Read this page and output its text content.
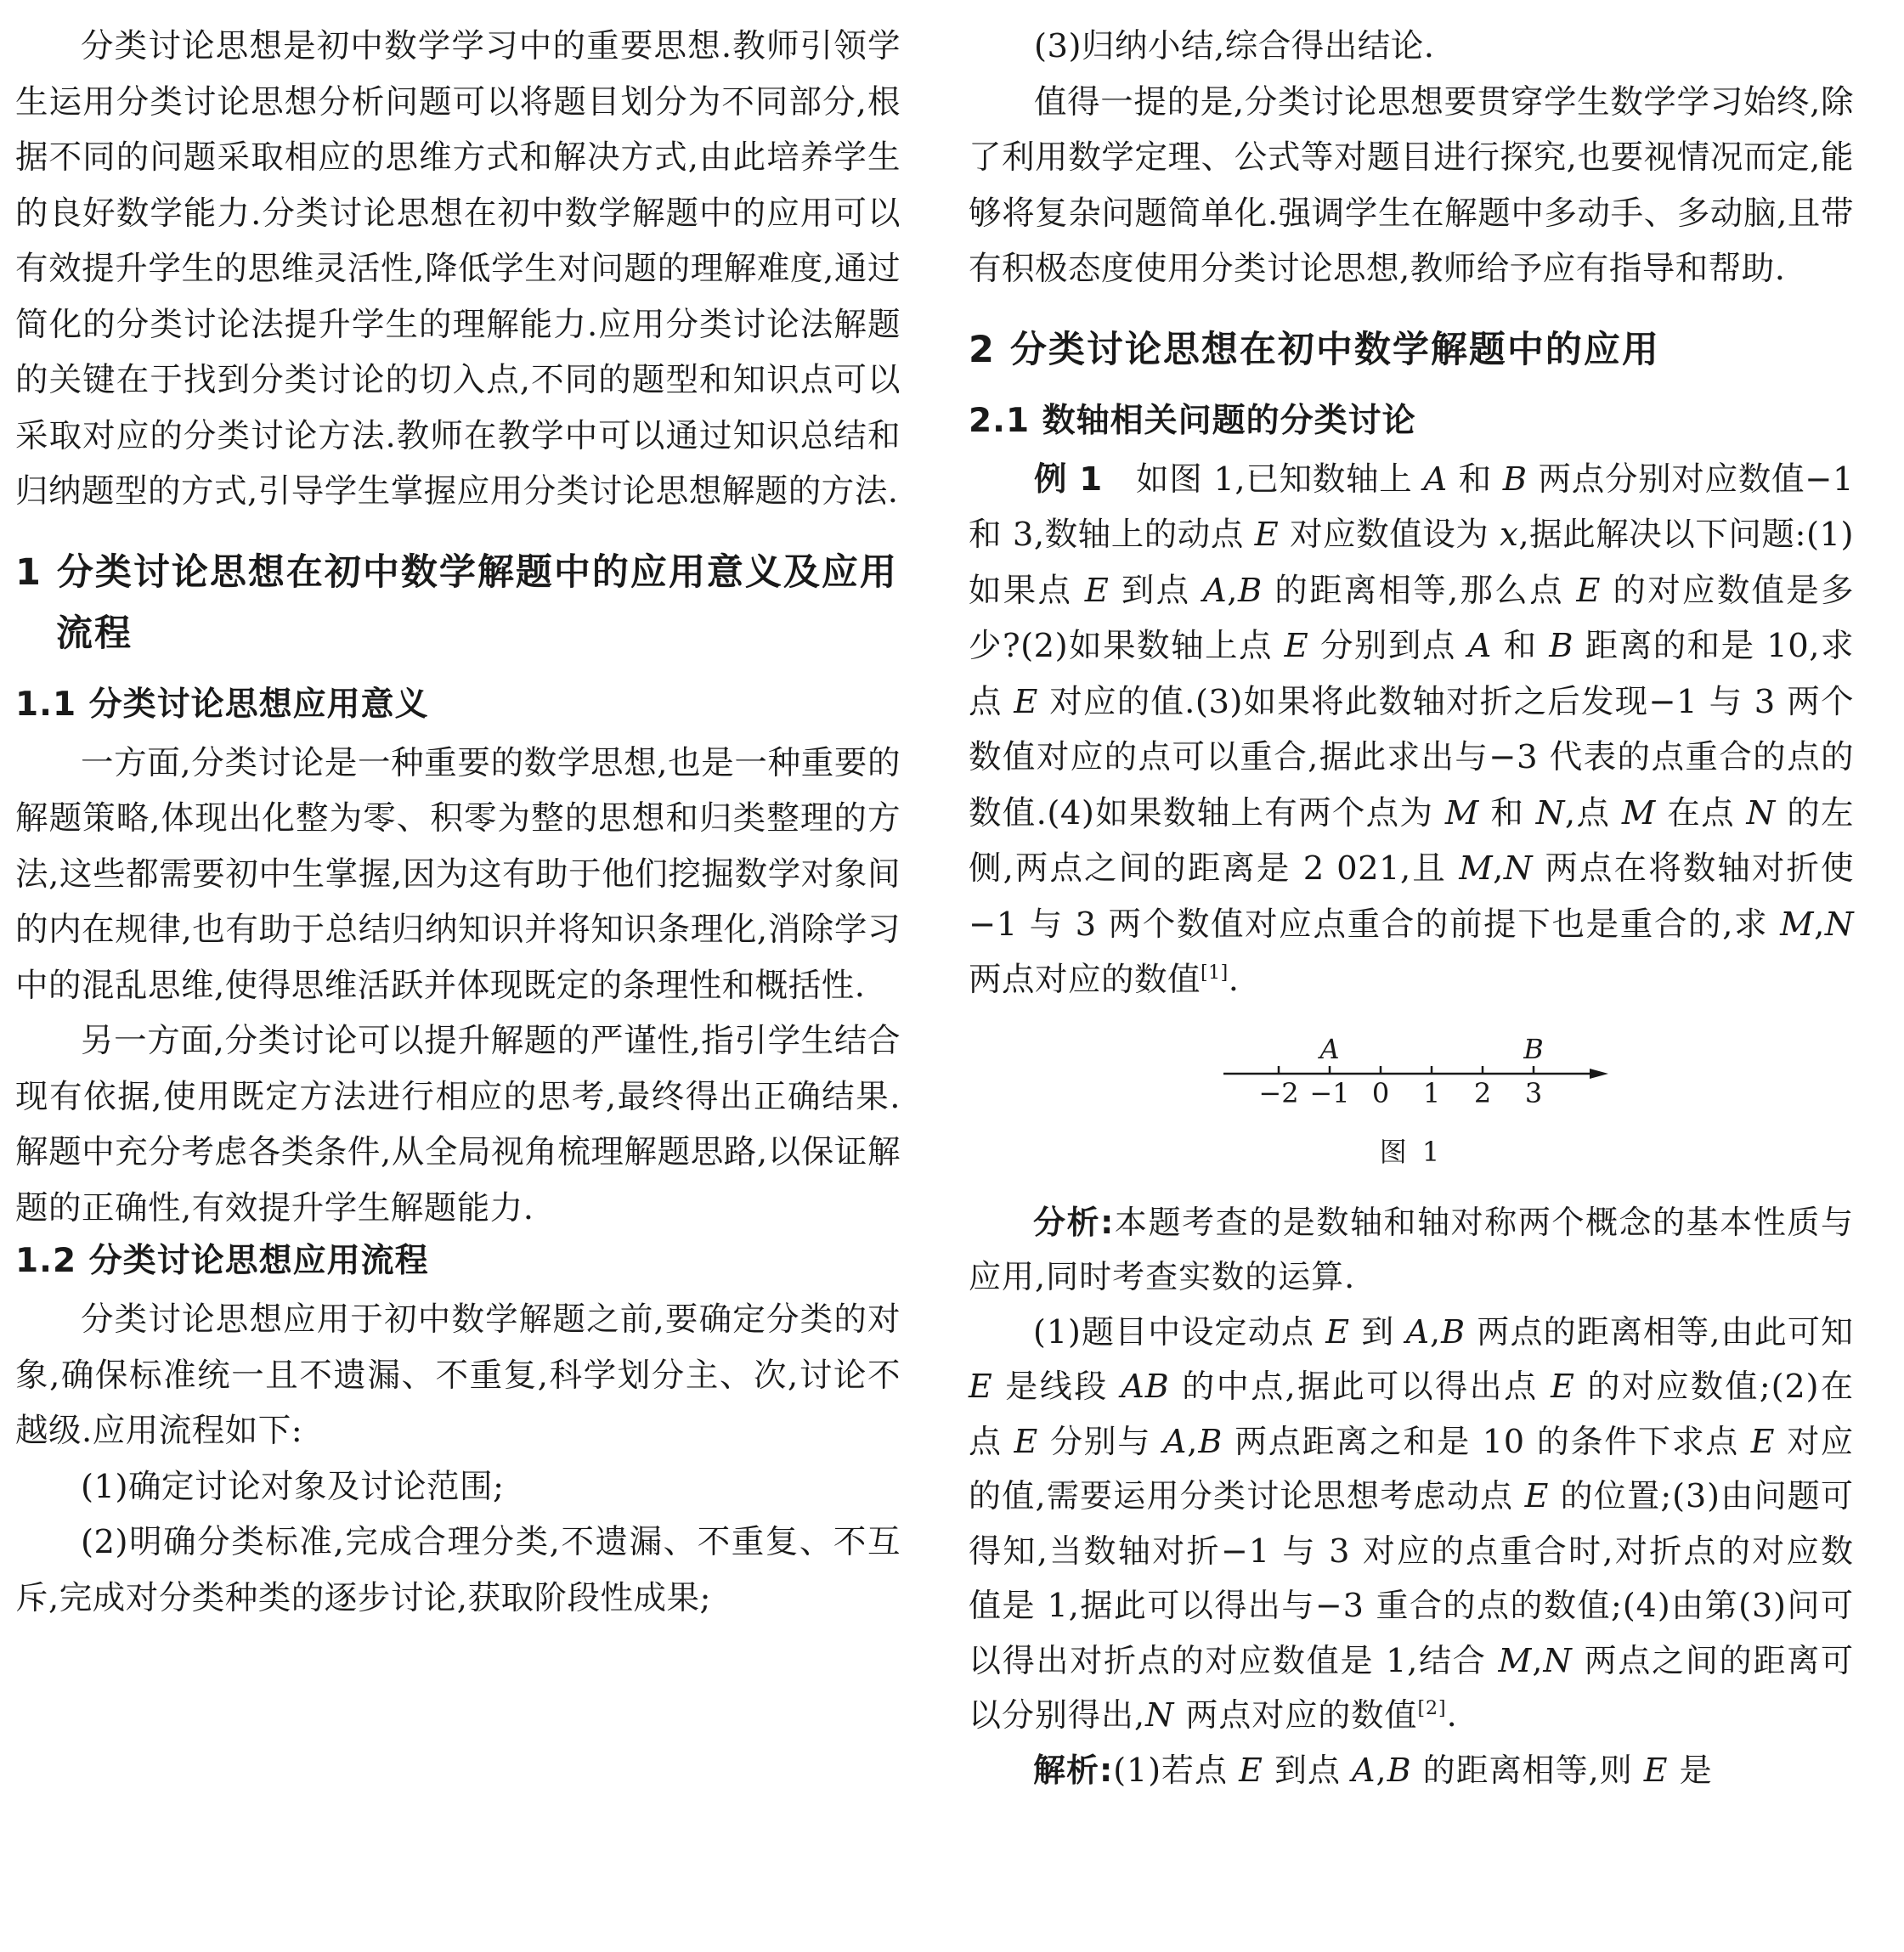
分类讨论思想是初中数学学习中的重要思想.教师引领学生运用分类讨论思想分析问题可以将题目划分为不同部分,根据不同的问题采取相应的思维方式和解决方式,由此培养学生的良好数学能力.分类讨论思想在初中数学解题中的应用可以有效提升学生的思维灵活性,降低学生对问题的理解难度,通过简化的分类讨论法提升学生的理解能力.应用分类讨论法解题的关键在于找到分类讨论的切入点,不同的题型和知识点可以采取对应的分类讨论方法.教师在教学中可以通过知识总结和归纳题型的方式,引导学生掌握应用分类讨论思想解题的方法.

1 分类讨论思想在初中数学解题中的应用意义及应用流程
1.1 分类讨论思想应用意义

一方面,分类讨论是一种重要的数学思想,也是一种重要的解题策略,体现出化整为零、积零为整的思想和归类整理的方法,这些都需要初中生掌握,因为这有助于他们挖掘数学对象间的内在规律,也有助于总结归纳知识并将知识条理化,消除学习中的混乱思维,使得思维活跃并体现既定的条理性和概括性.

另一方面,分类讨论可以提升解题的严谨性,指引学生结合现有依据,使用既定方法进行相应的思考,最终得出正确结果.解题中充分考虑各类条件,从全局视角梳理解题思路,以保证解题的正确性,有效提升学生解题能力.

1.2 分类讨论思想应用流程

分类讨论思想应用于初中数学解题之前,要确定分类的对象,确保标准统一且不遗漏、不重复,科学划分主、次,讨论不越级.应用流程如下:

(1)确定讨论对象及讨论范围;

(2)明确分类标准,完成合理分类,不遗漏、不重复、不互斥,完成对分类种类的逐步讨论,获取阶段性成果;

(3)归纳小结,综合得出结论.

值得一提的是,分类讨论思想要贯穿学生数学学习始终,除了利用数学定理、公式等对题目进行探究,也要视情况而定,能够将复杂问题简单化.强调学生在解题中多动手、多动脑,且带有积极态度使用分类讨论思想,教师给予应有指导和帮助.

2 分类讨论思想在初中数学解题中的应用
2.1 数轴相关问题的分类讨论

例 1　 如图 1,已知数轴上 A 和 B 两点分别对应数值−1 和 3,数轴上的动点 E 对应数值设为 x,据此解决以下问题:(1)如果点 E 到点 A,B 的距离相等,那么点 E 的对应数值是多少?(2)如果数轴上点 E 分别到点 A 和 B 距离的和是 10,求点 E 对应的值.(3)如果将此数轴对折之后发现−1 与 3 两个数值对应的点可以重合,据此求出与−3 代表的点重合的点的数值.(4)如果数轴上有两个点为 M 和 N,点 M 在点 N 的左侧,两点之间的距离是 2 021,且 M,N 两点在将数轴对折使−1 与 3 两个数值对应点重合的前提下也是重合的,求 M,N 两点对应的数值[1].

−2 −1 0 1 2 3
A	B
图 1

分析:本题考查的是数轴和轴对称两个概念的基本性质与应用,同时考查实数的运算.

(1)题目中设定动点 E 到 A,B 两点的距离相等,由此可知 E 是线段 AB 的中点,据此可以得出点 E 的对应数值;(2)在点 E 分别与 A,B 两点距离之和是 10 的条件下求点 E 对应的值,需要运用分类讨论思想考虑动点 E 的位置;(3)由问题可得知,当数轴对折−1 与 3 对应的点重合时,对折点的对应数值是 1,据此可以得出与−3 重合的点的数值;(4)由第(3)问可以得出对折点的对应数值是 1,结合 M,N 两点之间的距离可以分别得出,N 两点对应的数值[2].

解析:(1)若点 E 到点 A,B 的距离相等,则 E 是
